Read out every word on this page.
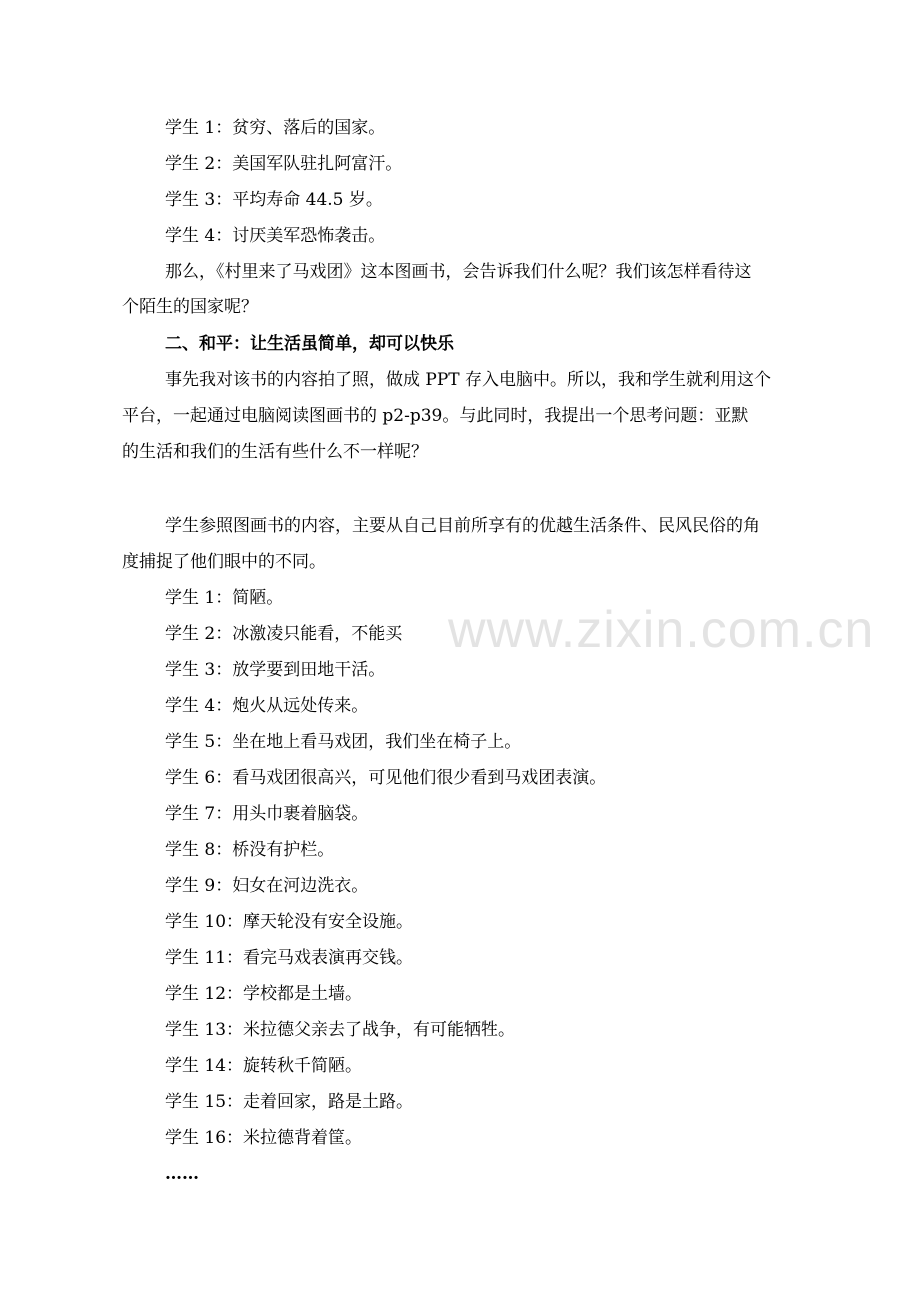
学生 1：贫穷、落后的国家。
学生 2：美国军队驻扎阿富汗。
学生 3：平均寿命 44.5 岁。
学生 4：讨厌美军恐怖袭击。
那么，《村里来了马戏团》这本图画书，会告诉我们什么呢？我们该怎样看待这
个陌生的国家呢？
二、和平：让生活虽简单，却可以快乐
事先我对该书的内容拍了照，做成 PPT 存入电脑中。所以，我和学生就利用这个
平台，一起通过电脑阅读图画书的 p2-p39。与此同时，我提出一个思考问题：亚默
的生活和我们的生活有些什么不一样呢？
学生参照图画书的内容，主要从自己目前所享有的优越生活条件、民风民俗的角
度捕捉了他们眼中的不同。
学生 1：简陋。
学生 2：冰激凌只能看，不能买
学生 3：放学要到田地干活。
学生 4：炮火从远处传来。
学生 5：坐在地上看马戏团，我们坐在椅子上。
学生 6：看马戏团很高兴，可见他们很少看到马戏团表演。
学生 7：用头巾裹着脑袋。
学生 8：桥没有护栏。
学生 9：妇女在河边洗衣。
学生 10：摩天轮没有安全设施。
学生 11：看完马戏表演再交钱。
学生 12：学校都是土墙。
学生 13：米拉德父亲去了战争，有可能牺牲。
学生 14：旋转秋千简陋。
学生 15：走着回家，路是土路。
学生 16：米拉德背着筐。
……
www.zixin.com.cn
